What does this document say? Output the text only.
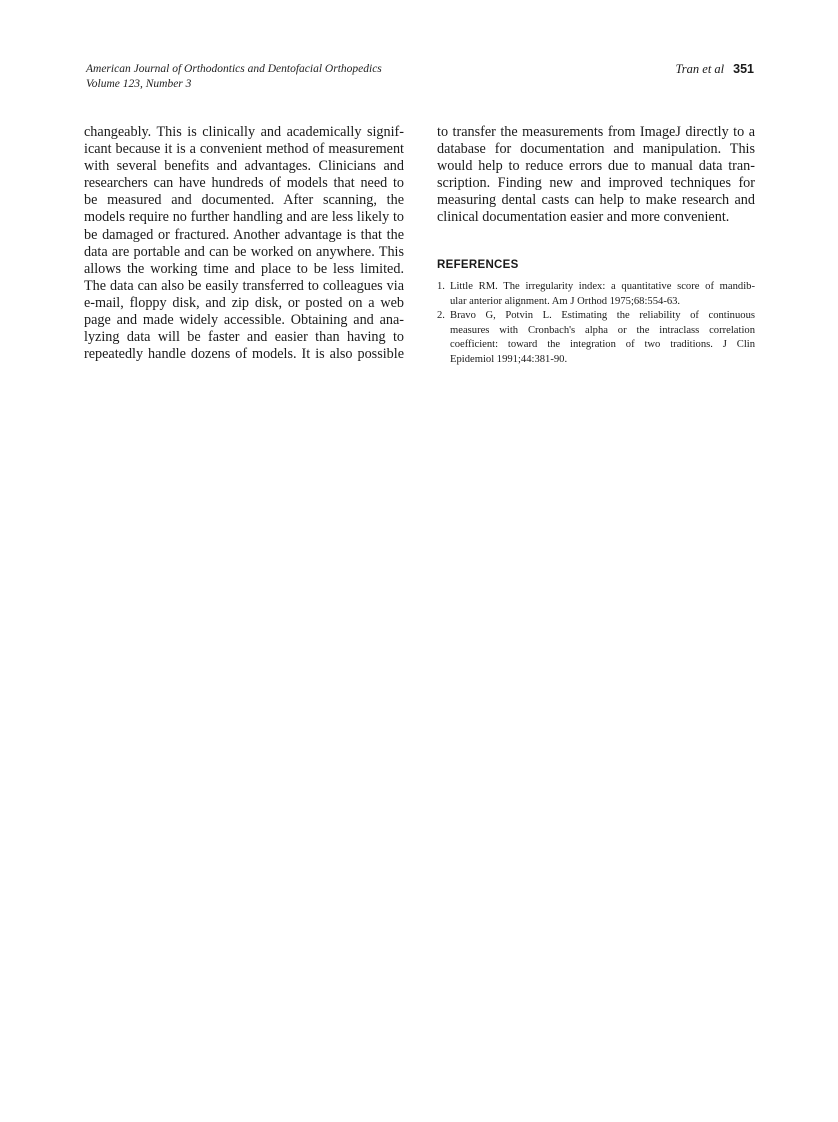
American Journal of Orthodontics and Dentofacial Orthopedics
Volume 123, Number 3
Tran et al 351
changeably. This is clinically and academically signif-
icant because it is a convenient method of measurement
with several benefits and advantages. Clinicians and
researchers can have hundreds of models that need to
be measured and documented. After scanning, the
models require no further handling and are less likely to
be damaged or fractured. Another advantage is that the
data are portable and can be worked on anywhere. This
allows the working time and place to be less limited.
The data can also be easily transferred to colleagues via
e-mail, floppy disk, and zip disk, or posted on a web
page and made widely accessible. Obtaining and ana-
lyzing data will be faster and easier than having to
repeatedly handle dozens of models. It is also possible
to transfer the measurements from ImageJ directly to a
database for documentation and manipulation. This
would help to reduce errors due to manual data tran-
scription. Finding new and improved techniques for
measuring dental casts can help to make research and
clinical documentation easier and more convenient.
REFERENCES
1. Little RM. The irregularity index: a quantitative score of mandib-
ular anterior alignment. Am J Orthod 1975;68:554-63.
2. Bravo G, Potvin L. Estimating the reliability of continuous
measures with Cronbach's alpha or the intraclass correlation
coefficient: toward the integration of two traditions. J Clin
Epidemiol 1991;44:381-90.
